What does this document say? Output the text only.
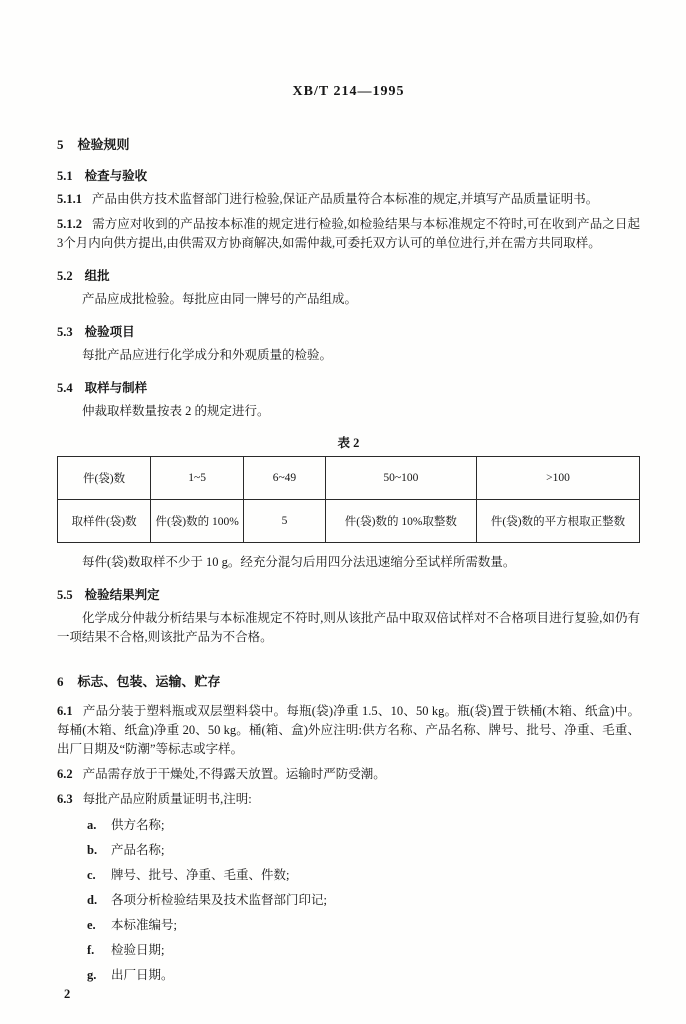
XB/T 214—1995
5 检验规则
5.1 检查与验收

5.1.1 产品由供方技术监督部门进行检验,保证产品质量符合本标准的规定,并填写产品质量证明书。

5.1.2 需方应对收到的产品按本标准的规定进行检验,如检验结果与本标准规定不符时,可在收到产品之日起3个月内向供方提出,由供需双方协商解决,如需仲裁,可委托双方认可的单位进行,并在需方共同取样。

5.2 组批

产品应成批检验。每批应由同一牌号的产品组成。

5.3 检验项目

每批产品应进行化学成分和外观质量的检验。

5.4 取样与制样

仲裁取样数量按表 2 的规定进行。

表 2
件(袋)数	1~5	6~49	50~100	>100
取样件(袋)数	件(袋)数的 100%	5	件(袋)数的 10%取整数	件(袋)数的平方根取正整数

每件(袋)数取样不少于 10 g。经充分混匀后用四分法迅速缩分至试样所需数量。

5.5 检验结果判定

化学成分仲裁分析结果与本标准规定不符时,则从该批产品中取双倍试样对不合格项目进行复验,如仍有一项结果不合格,则该批产品为不合格。

6 标志、包装、运输、贮存

6.1 产品分装于塑料瓶或双层塑料袋中。每瓶(袋)净重 1.5、10、50 kg。瓶(袋)置于铁桶(木箱、纸盒)中。每桶(木箱、纸盒)净重 20、50 kg。桶(箱、盒)外应注明:供方名称、产品名称、牌号、批号、净重、毛重、出厂日期及“防潮”等标志或字样。

6.2 产品需存放于干燥处,不得露天放置。运输时严防受潮。

6.3 每批产品应附质量证明书,注明:

a. 供方名称;
b. 产品名称;
c. 牌号、批号、净重、毛重、件数;
d. 各项分析检验结果及技术监督部门印记;
e. 本标准编号;
f. 检验日期;
g. 出厂日期。
2
